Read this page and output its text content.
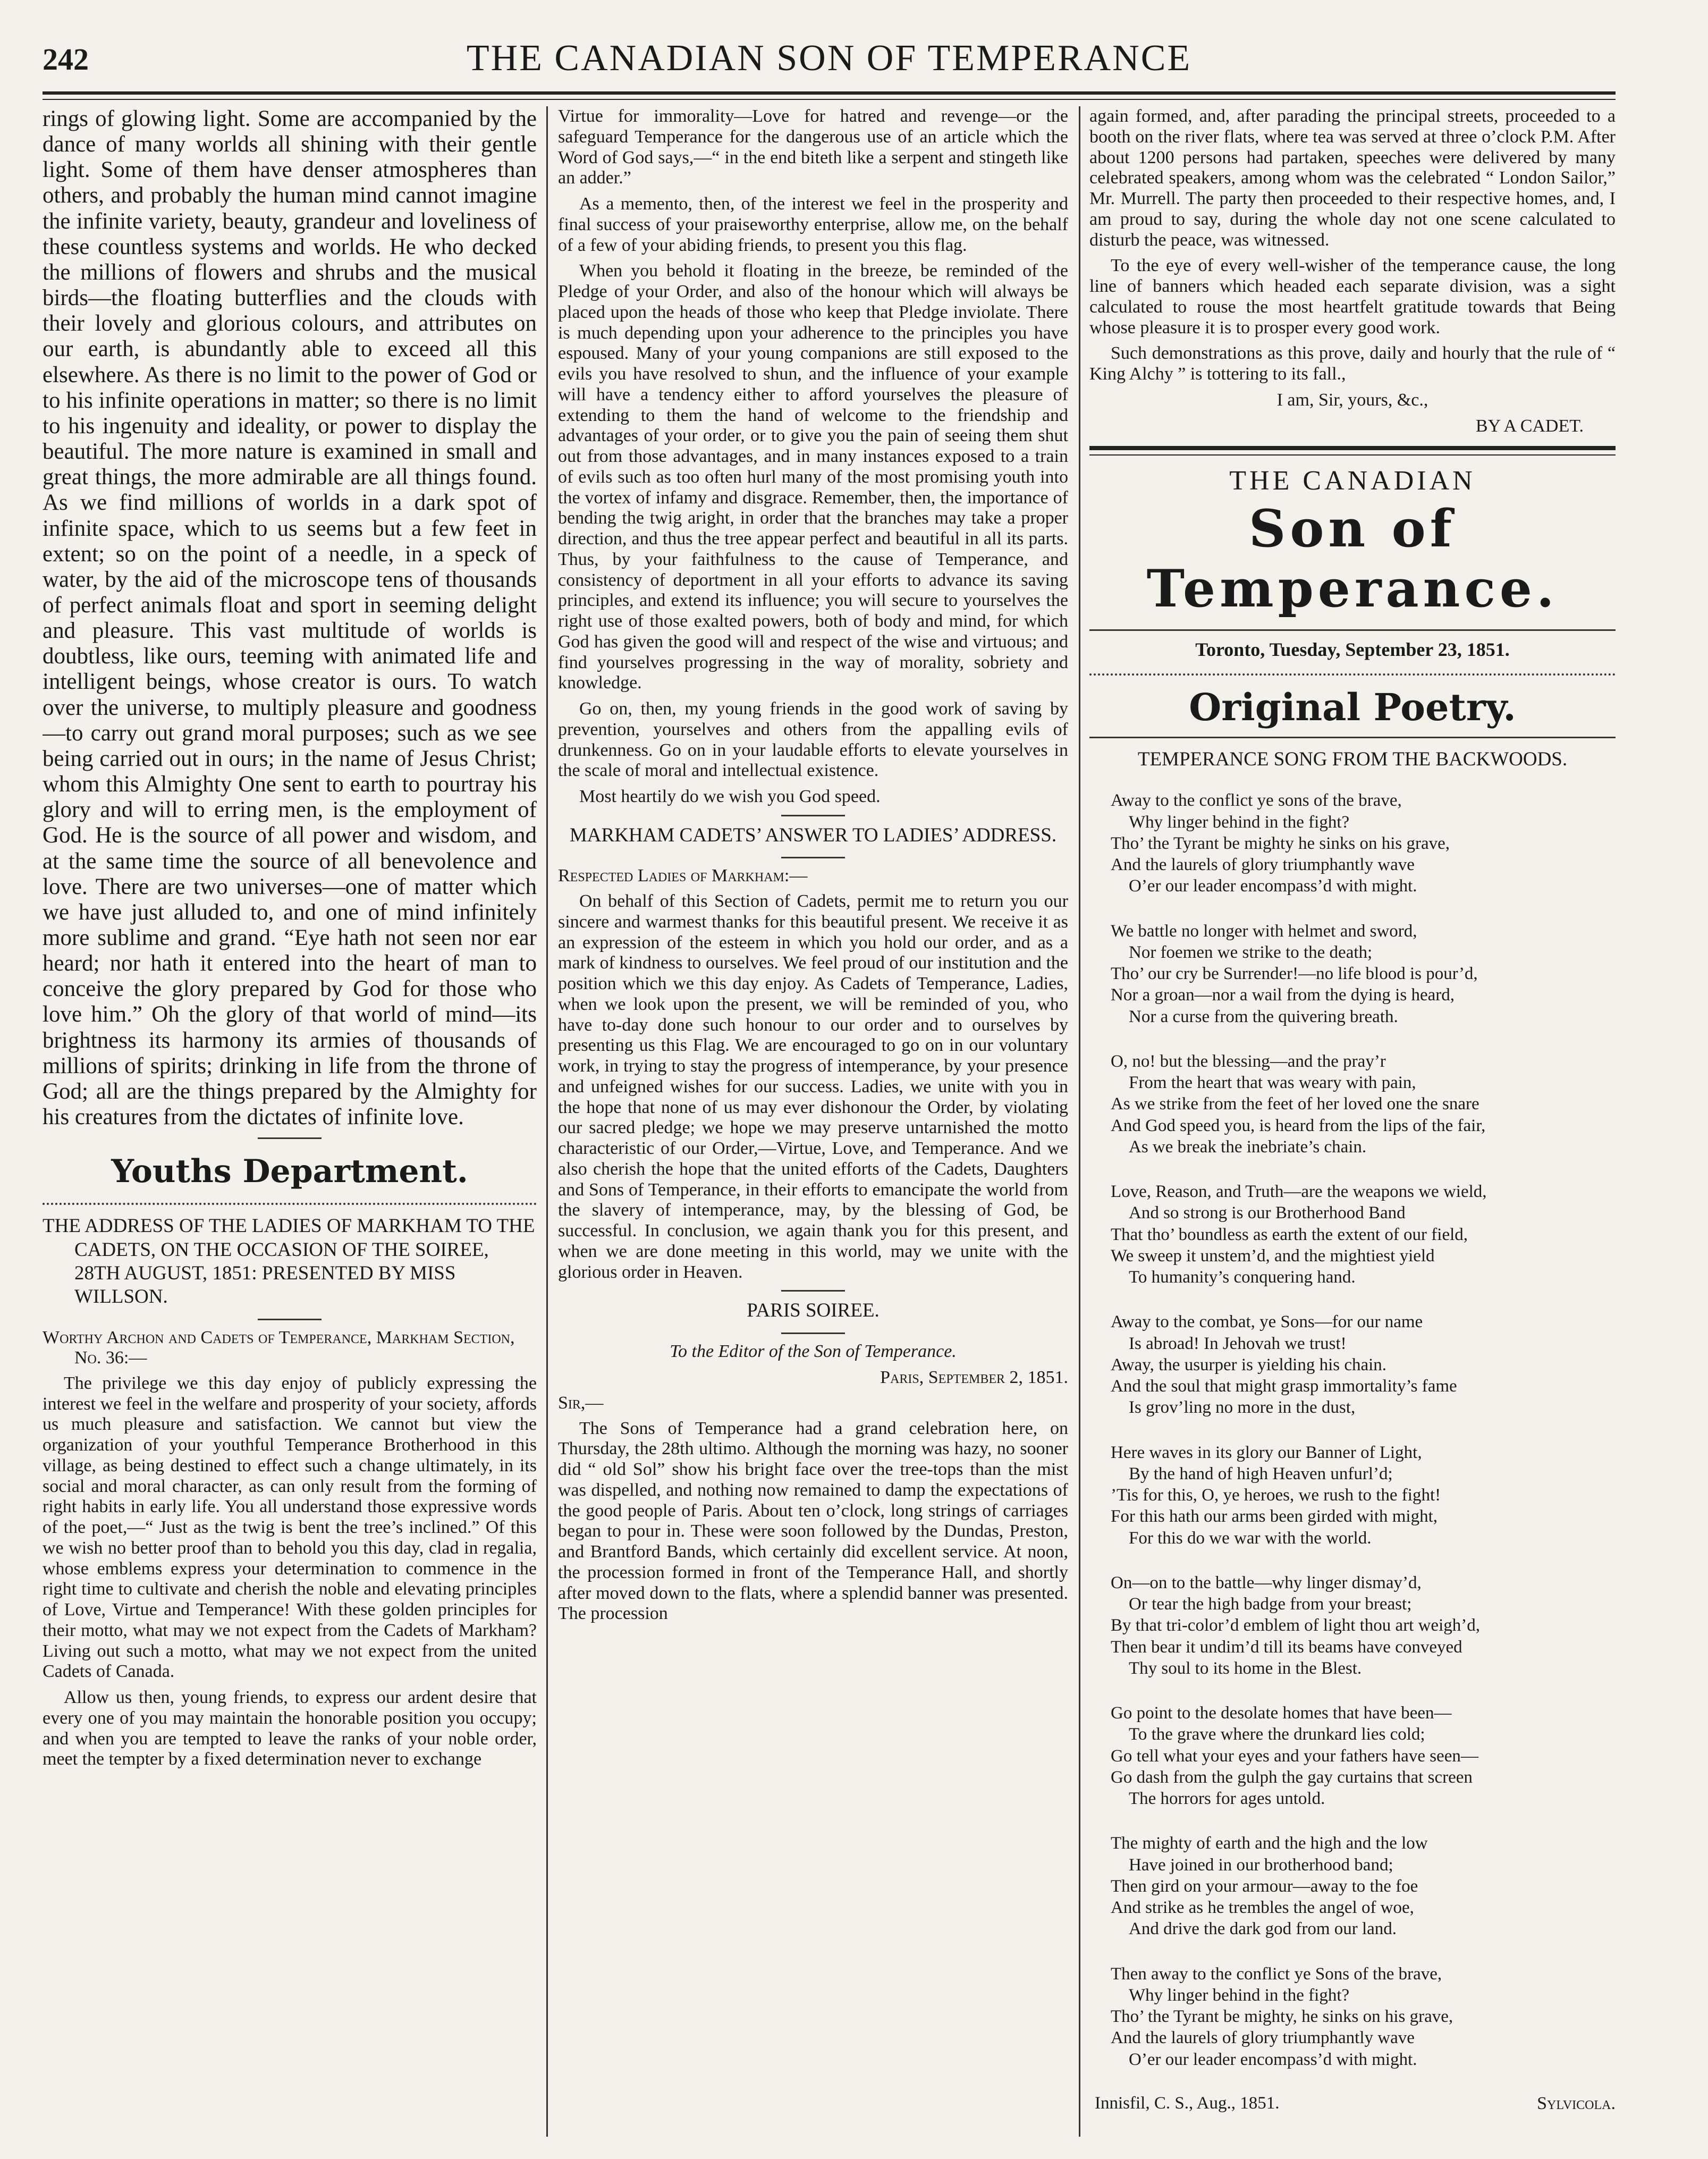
242	THE CANADIAN SON OF TEMPERANCE

rings of glowing light. Some are accompanied by the dance of many worlds all shining with their gentle light. Some of them have denser atmospheres than others, and probably the human mind cannot imagine the infinite variety, beauty, grandeur and loveliness of these countless systems and worlds. He who decked the millions of flowers and shrubs and the musical birds—the floating butterflies and the clouds with their lovely and glorious colours, and attributes on our earth, is abundantly able to exceed all this elsewhere. As there is no limit to the power of God or to his infinite operations in matter; so there is no limit to his ingenuity and ideality, or power to display the beautiful. The more nature is examined in small and great things, the more admirable are all things found. As we find millions of worlds in a dark spot of infinite space, which to us seems but a few feet in extent; so on the point of a needle, in a speck of water, by the aid of the microscope tens of thousands of perfect animals float and sport in seeming delight and pleasure. This vast multitude of worlds is doubtless, like ours, teeming with animated life and intelligent beings, whose creator is ours. To watch over the universe, to multiply pleasure and goodness—to carry out grand moral purposes; such as we see being carried out in ours; in the name of Jesus Christ; whom this Almighty One sent to earth to pourtray his glory and will to erring men, is the employment of God. He is the source of all power and wisdom, and at the same time the source of all benevolence and love. There are two universes—one of matter which we have just alluded to, and one of mind infinitely more sublime and grand. “Eye hath not seen nor ear heard; nor hath it entered into the heart of man to conceive the glory prepared by God for those who love him.” Oh the glory of that world of mind—its brightness its harmony its armies of thousands of millions of spirits; drinking in life from the throne of God; all are the things prepared by the Almighty for his creatures from the dictates of infinite love.

Youths Department.
THE ADDRESS OF THE LADIES OF MARKHAM TO THE CADETS, ON THE OCCASION OF THE SOIREE, 28TH AUGUST, 1851: PRESENTED BY MISS WILLSON.

Worthy Archon and Cadets of Temperance, Markham Section, No. 36:—

The privilege we this day enjoy of publicly expressing the interest we feel in the welfare and prosperity of your society, affords us much pleasure and satisfaction. We cannot but view the organization of your youthful Temperance Brotherhood in this village, as being destined to effect such a change ultimately, in its social and moral character, as can only result from the forming of right habits in early life. You all understand those expressive words of the poet,—“ Just as the twig is bent the tree’s inclined.” Of this we wish no better proof than to behold you this day, clad in regalia, whose emblems express your determination to commence in the right time to cultivate and cherish the noble and elevating principles of Love, Virtue and Temperance! With these golden principles for their motto, what may we not expect from the Cadets of Markham? Living out such a motto, what may we not expect from the united Cadets of Canada.

Allow us then, young friends, to express our ardent desire that every one of you may maintain the honorable position you occupy; and when you are tempted to leave the ranks of your noble order, meet the tempter by a fixed determination never to exchange

Virtue for immorality—Love for hatred and revenge—or the safeguard Temperance for the dangerous use of an article which the Word of God says,—“ in the end biteth like a serpent and stingeth like an adder.”

As a memento, then, of the interest we feel in the prosperity and final success of your praiseworthy enterprise, allow me, on the behalf of a few of your abiding friends, to present you this flag.

When you behold it floating in the breeze, be reminded of the Pledge of your Order, and also of the honour which will always be placed upon the heads of those who keep that Pledge inviolate. There is much depending upon your adherence to the principles you have espoused. Many of your young companions are still exposed to the evils you have resolved to shun, and the influence of your example will have a tendency either to afford yourselves the pleasure of extending to them the hand of welcome to the friendship and advantages of your order, or to give you the pain of seeing them shut out from those advantages, and in many instances exposed to a train of evils such as too often hurl many of the most promising youth into the vortex of infamy and disgrace. Remember, then, the importance of bending the twig aright, in order that the branches may take a proper direction, and thus the tree appear perfect and beautiful in all its parts. Thus, by your faithfulness to the cause of Temperance, and consistency of deportment in all your efforts to advance its saving principles, and extend its influence; you will secure to yourselves the right use of those exalted powers, both of body and mind, for which God has given the good will and respect of the wise and virtuous; and find yourselves progressing in the way of morality, sobriety and knowledge.

Go on, then, my young friends in the good work of saving by prevention, yourselves and others from the appalling evils of drunkenness. Go on in your laudable efforts to elevate yourselves in the scale of moral and intellectual existence.

Most heartily do we wish you God speed.

MARKHAM CADETS’ ANSWER TO LADIES’ ADDRESS.

Respected Ladies of Markham:—

On behalf of this Section of Cadets, permit me to return you our sincere and warmest thanks for this beautiful present. We receive it as an expression of the esteem in which you hold our order, and as a mark of kindness to ourselves. We feel proud of our institution and the position which we this day enjoy. As Cadets of Temperance, Ladies, when we look upon the present, we will be reminded of you, who have to-day done such honour to our order and to ourselves by presenting us this Flag. We are encouraged to go on in our voluntary work, in trying to stay the progress of intemperance, by your presence and unfeigned wishes for our success. Ladies, we unite with you in the hope that none of us may ever dishonour the Order, by violating our sacred pledge; we hope we may preserve untarnished the motto characteristic of our Order,—Virtue, Love, and Temperance. And we also cherish the hope that the united efforts of the Cadets, Daughters and Sons of Temperance, in their efforts to emancipate the world from the slavery of intemperance, may, by the blessing of God, be successful. In conclusion, we again thank you for this present, and when we are done meeting in this world, may we unite with the glorious order in Heaven.

PARIS SOIREE.

To the Editor of the Son of Temperance.

Paris, September 2, 1851.

Sir,—

The Sons of Temperance had a grand celebration here, on Thursday, the 28th ultimo. Although the morning was hazy, no sooner did “ old Sol” show his bright face over the tree-tops than the mist was dispelled, and nothing now remained to damp the expectations of the good people of Paris. About ten o’clock, long strings of carriages began to pour in. These were soon followed by the Dundas, Preston, and Brantford Bands, which certainly did excellent service. At noon, the procession formed in front of the Temperance Hall, and shortly after moved down to the flats, where a splendid banner was presented. The procession

again formed, and, after parading the principal streets, proceeded to a booth on the river flats, where tea was served at three o’clock P.M. After about 1200 persons had partaken, speeches were delivered by many celebrated speakers, among whom was the celebrated “ London Sailor,” Mr. Murrell. The party then proceeded to their respective homes, and, I am proud to say, during the whole day not one scene calculated to disturb the peace, was witnessed.

To the eye of every well-wisher of the temperance cause, the long line of banners which headed each separate division, was a sight calculated to rouse the most heartfelt gratitude towards that Being whose pleasure it is to prosper every good work.

Such demonstrations as this prove, daily and hourly that the rule of “ King Alchy ” is tottering to its fall.,

I am, Sir, yours, &c.,

BY A CADET.

THE CANADIAN
Son of Temperance.
Toronto, Tuesday, September 23, 1851.
Original Poetry.
TEMPERANCE SONG FROM THE BACKWOODS.
Away to the conflict ye sons of the brave,
Why linger behind in the fight?
Tho’ the Tyrant be mighty he sinks on his grave,
And the laurels of glory triumphantly wave
O’er our leader encompass’d with might.
We battle no longer with helmet and sword,
Nor foemen we strike to the death;
Tho’ our cry be Surrender!—no life blood is pour’d,
Nor a groan—nor a wail from the dying is heard,
Nor a curse from the quivering breath.
O, no! but the blessing—and the pray’r
From the heart that was weary with pain,
As we strike from the feet of her loved one the snare
And God speed you, is heard from the lips of the fair,
As we break the inebriate’s chain.
Love, Reason, and Truth—are the weapons we wield,
And so strong is our Brotherhood Band
That tho’ boundless as earth the extent of our field,
We sweep it unstem’d, and the mightiest yield
To humanity’s conquering hand.
Away to the combat, ye Sons—for our name
Is abroad! In Jehovah we trust!
Away, the usurper is yielding his chain.
And the soul that might grasp immortality’s fame
Is grov’ling no more in the dust,
Here waves in its glory our Banner of Light,
By the hand of high Heaven unfurl’d;
’Tis for this, O, ye heroes, we rush to the fight!
For this hath our arms been girded with might,
For this do we war with the world.
On—on to the battle—why linger dismay’d,
Or tear the high badge from your breast;
By that tri-color’d emblem of light thou art weigh’d,
Then bear it undim’d till its beams have conveyed
Thy soul to its home in the Blest.
Go point to the desolate homes that have been—
To the grave where the drunkard lies cold;
Go tell what your eyes and your fathers have seen—
Go dash from the gulph the gay curtains that screen
The horrors for ages untold.
The mighty of earth and the high and the low
Have joined in our brotherhood band;
Then gird on your armour—away to the foe
And strike as he trembles the angel of woe,
And drive the dark god from our land.
Then away to the conflict ye Sons of the brave,
Why linger behind in the fight?
Tho’ the Tyrant be mighty, he sinks on his grave,
And the laurels of glory triumphantly wave
O’er our leader encompass’d with might.
Innisfil, C. S., Aug., 1851.	Sylvicola.
